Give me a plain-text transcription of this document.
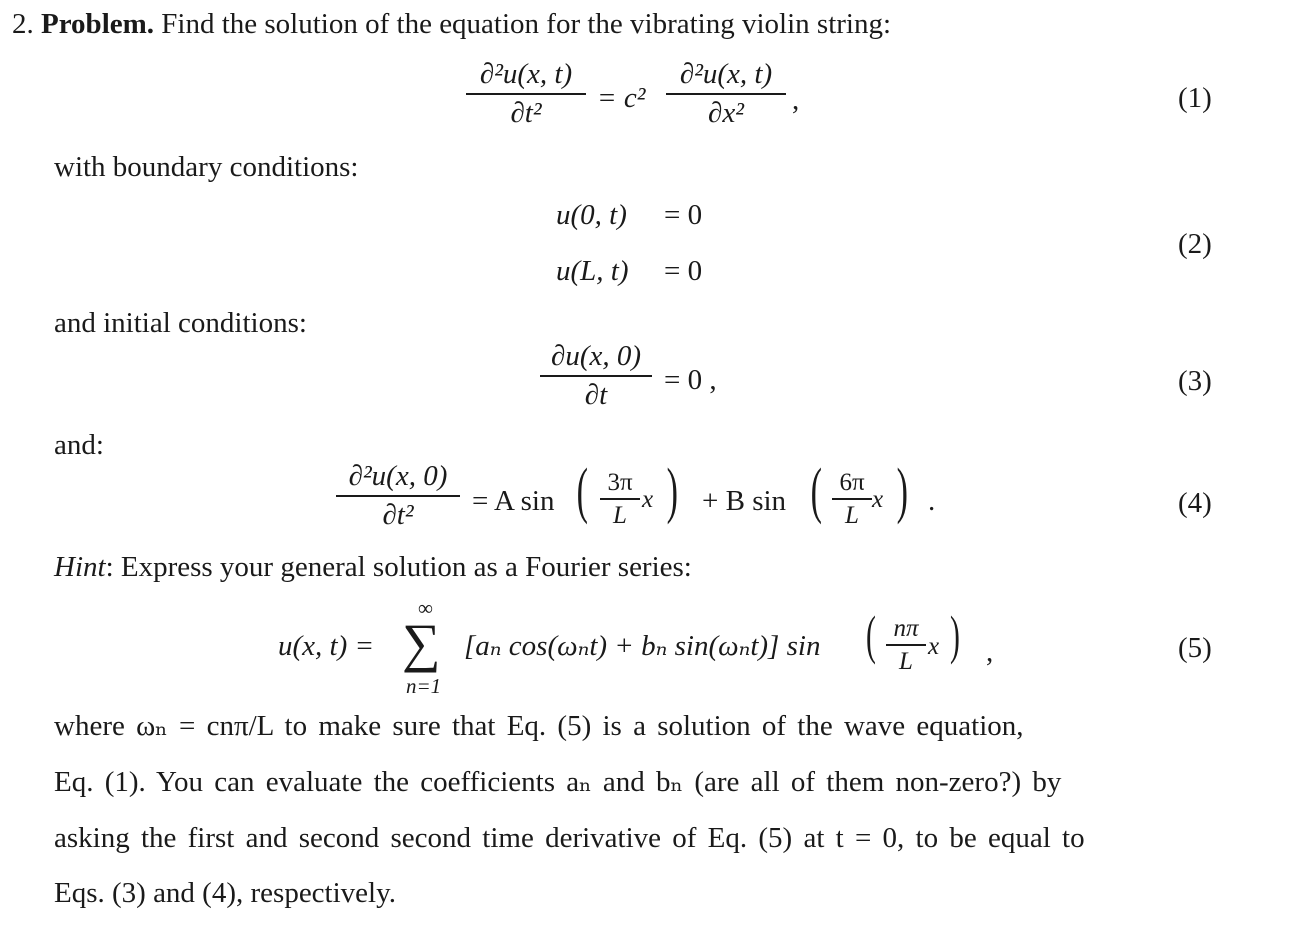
2. Problem. Find the solution of the equation for the vibrating violin string:
∂²u(x, t)
∂t²	= c²
∂²u(x, t)
∂x²	,	(1)
with boundary conditions:
u(0, t) = 0
u(L, t) = 0
(2)
and initial conditions:
∂u(x, 0)
∂t	= 0 ,	(3)
and:
∂²u(x, 0)
∂t²	= A sin ( 3π
L
x ) + B sin ( 6π
L
x ) .	(4)
Hint: Express your general solution as a Fourier series:
u(x, t) =
∞
∑
n=1
[aₙ cos(ωₙt) + bₙ sin(ωₙt)] sin ( nπ
L
x ) ,	(5)
where ωₙ = cnπ/L to make sure that Eq. (5) is a solution of the wave equation,
Eq. (1). You can evaluate the coefficients aₙ and bₙ (are all of them non-zero?) by
asking the first and second second time derivative of Eq. (5) at t = 0, to be equal to
Eqs. (3) and (4), respectively.
